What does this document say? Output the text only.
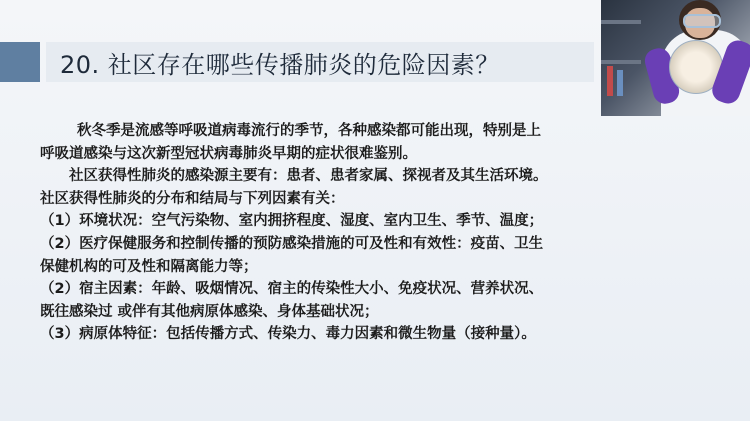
20. 社区存在哪些传播肺炎的危险因素？

秋冬季是流感等呼吸道病毒流行的季节，各种感染都可能出现，特别是上

呼吸道感染与这次新型冠状病毒肺炎早期的症状很难鉴别。

社区获得性肺炎的感染源主要有：患者、患者家属、探视者及其生活环境。

社区获得性肺炎的分布和结局与下列因素有关：

（1）环境状况：空气污染物、室内拥挤程度、湿度、室内卫生、季节、温度；

（2）医疗保健服务和控制传播的预防感染措施的可及性和有效性：疫苗、卫生

保健机构的可及性和隔离能力等；

（2）宿主因素：年龄、吸烟情况、宿主的传染性大小、免疫状况、营养状况、

既往感染过 或伴有其他病原体感染、身体基础状况；

（3）病原体特征：包括传播方式、传染力、毒力因素和微生物量（接种量）。
